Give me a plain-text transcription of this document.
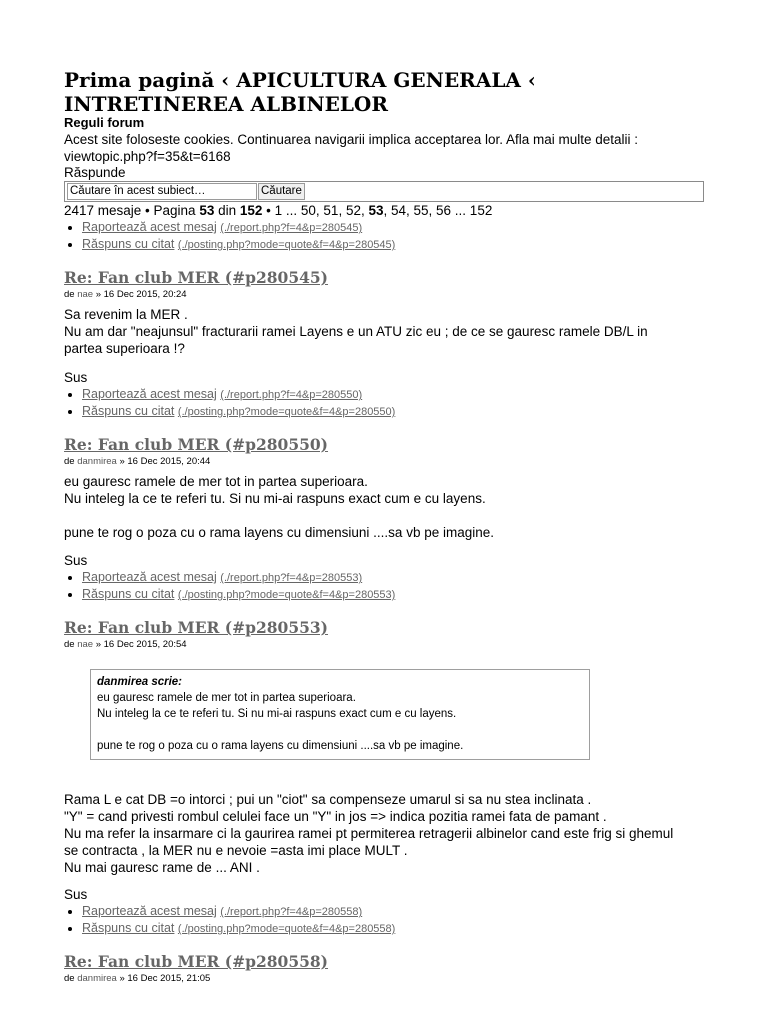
Prima pagină ‹ APICULTURA GENERALA ‹ INTRETINEREA ALBINELOR
Reguli forum
Acest site foloseste cookies. Continuarea navigarii implica acceptarea lor. Afla mai multe detalii :
viewtopic.php?f=35&t=6168
Răspunde
Căutare în acest subiect…	Căutare
2417 mesaje • Pagina 53 din 152 • 1 ... 50, 51, 52, 53, 54, 55, 56 ... 152
• Raportează acest mesaj (./report.php?f=4&p=280545)
• Răspuns cu citat (./posting.php?mode=quote&f=4&p=280545)
Re: Fan club MER (#p280545)
de nae » 16 Dec 2015, 20:24

Sa revenim la MER .

Nu am dar "neajunsul" fracturarii ramei Layens e un ATU zic eu ; de ce se gauresc ramele DB/L in

partea superioara !?

Sus
• Raportează acest mesaj (./report.php?f=4&p=280550)
• Răspuns cu citat (./posting.php?mode=quote&f=4&p=280550)
Re: Fan club MER (#p280550)
de danmirea » 16 Dec 2015, 20:44

eu gauresc ramele de mer tot in partea superioara.

Nu inteleg la ce te referi tu. Si nu mi-ai raspuns exact cum e cu layens.

pune te rog o poza cu o rama layens cu dimensiuni ....sa vb pe imagine.

Sus
• Raportează acest mesaj (./report.php?f=4&p=280553)
• Răspuns cu citat (./posting.php?mode=quote&f=4&p=280553)
Re: Fan club MER (#p280553)
de nae » 16 Dec 2015, 20:54
danmirea scrie:
eu gauresc ramele de mer tot in partea superioara.
Nu inteleg la ce te referi tu. Si nu mi-ai raspuns exact cum e cu layens.
pune te rog o poza cu o rama layens cu dimensiuni ....sa vb pe imagine.

Rama L e cat DB =o intorci ; pui un "ciot" sa compenseze umarul si sa nu stea inclinata .

"Y" = cand privesti rombul celulei face un "Y" in jos => indica pozitia ramei fata de pamant .

Nu ma refer la insarmare ci la gaurirea ramei pt permiterea retragerii albinelor cand este frig si ghemul

se contracta , la MER nu e nevoie =asta imi place MULT .

Nu mai gauresc rame de ... ANI .

Sus
• Raportează acest mesaj (./report.php?f=4&p=280558)
• Răspuns cu citat (./posting.php?mode=quote&f=4&p=280558)
Re: Fan club MER (#p280558)
de danmirea » 16 Dec 2015, 21:05
